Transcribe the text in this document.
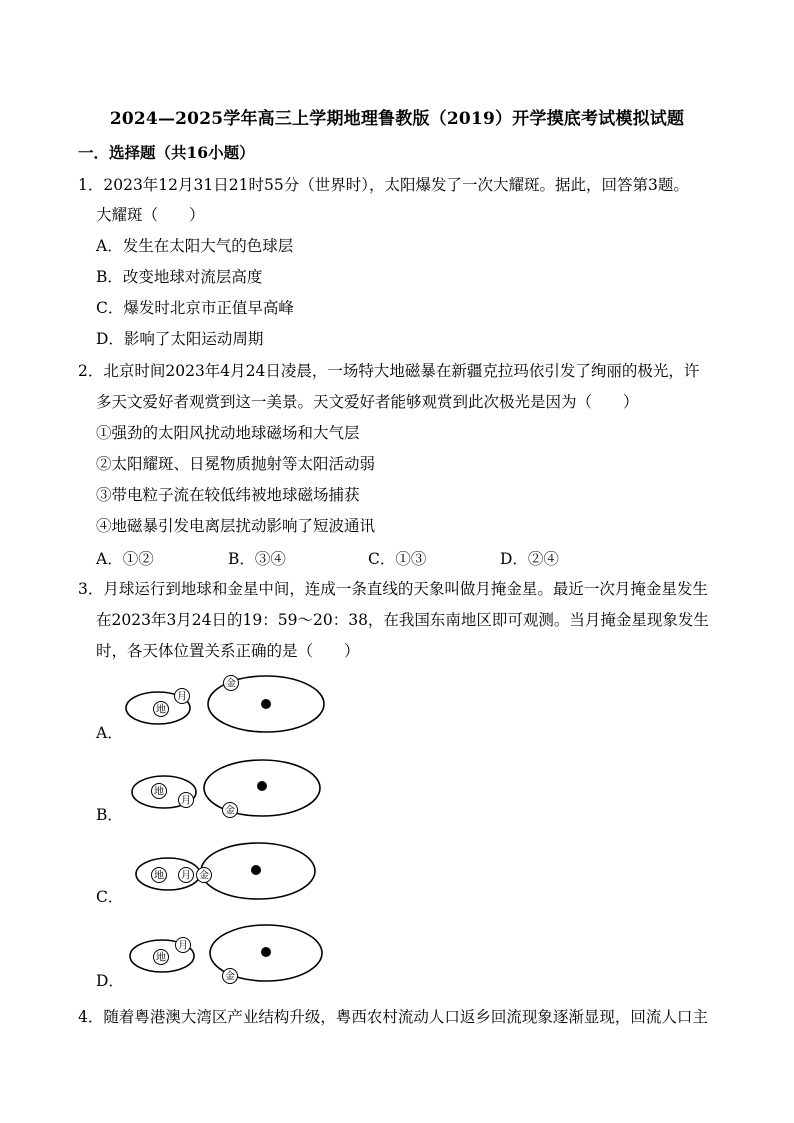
2024—2025学年高三上学期地理鲁教版（2019）开学摸底考试模拟试题
一．选择题（共16小题）
1．2023年12月31日21时55分（世界时），太阳爆发了一次大耀斑。据此，回答第3题。
大耀斑（　　）
A．发生在太阳大气的色球层
B．改变地球对流层高度
C．爆发时北京市正值早高峰
D．影响了太阳运动周期
2．北京时间2023年4月24日凌晨，一场特大地磁暴在新疆克拉玛依引发了绚丽的极光，许
多天文爱好者观赏到这一美景。天文爱好者能够观赏到此次极光是因为（　　）
①强劲的太阳风扰动地球磁场和大气层
②太阳耀斑、日冕物质抛射等太阳活动弱
③带电粒子流在较低纬被地球磁场捕获
④地磁暴引发电离层扰动影响了短波通讯
A．①②	B．③④	C．①③	D．②④
3．月球运行到地球和金星中间，连成一条直线的天象叫做月掩金星。最近一次月掩金星发生
在2023年3月24日的19：59～20：38，在我国东南地区即可观测。当月掩金星现象发生
时，各天体位置关系正确的是（　　）
A．
地
月
金
B．
地
月
金
C．
地 月 金
D．
地
月
金
4．随着粤港澳大湾区产业结构升级，粤西农村流动人口返乡回流现象逐渐显现，回流人口主
